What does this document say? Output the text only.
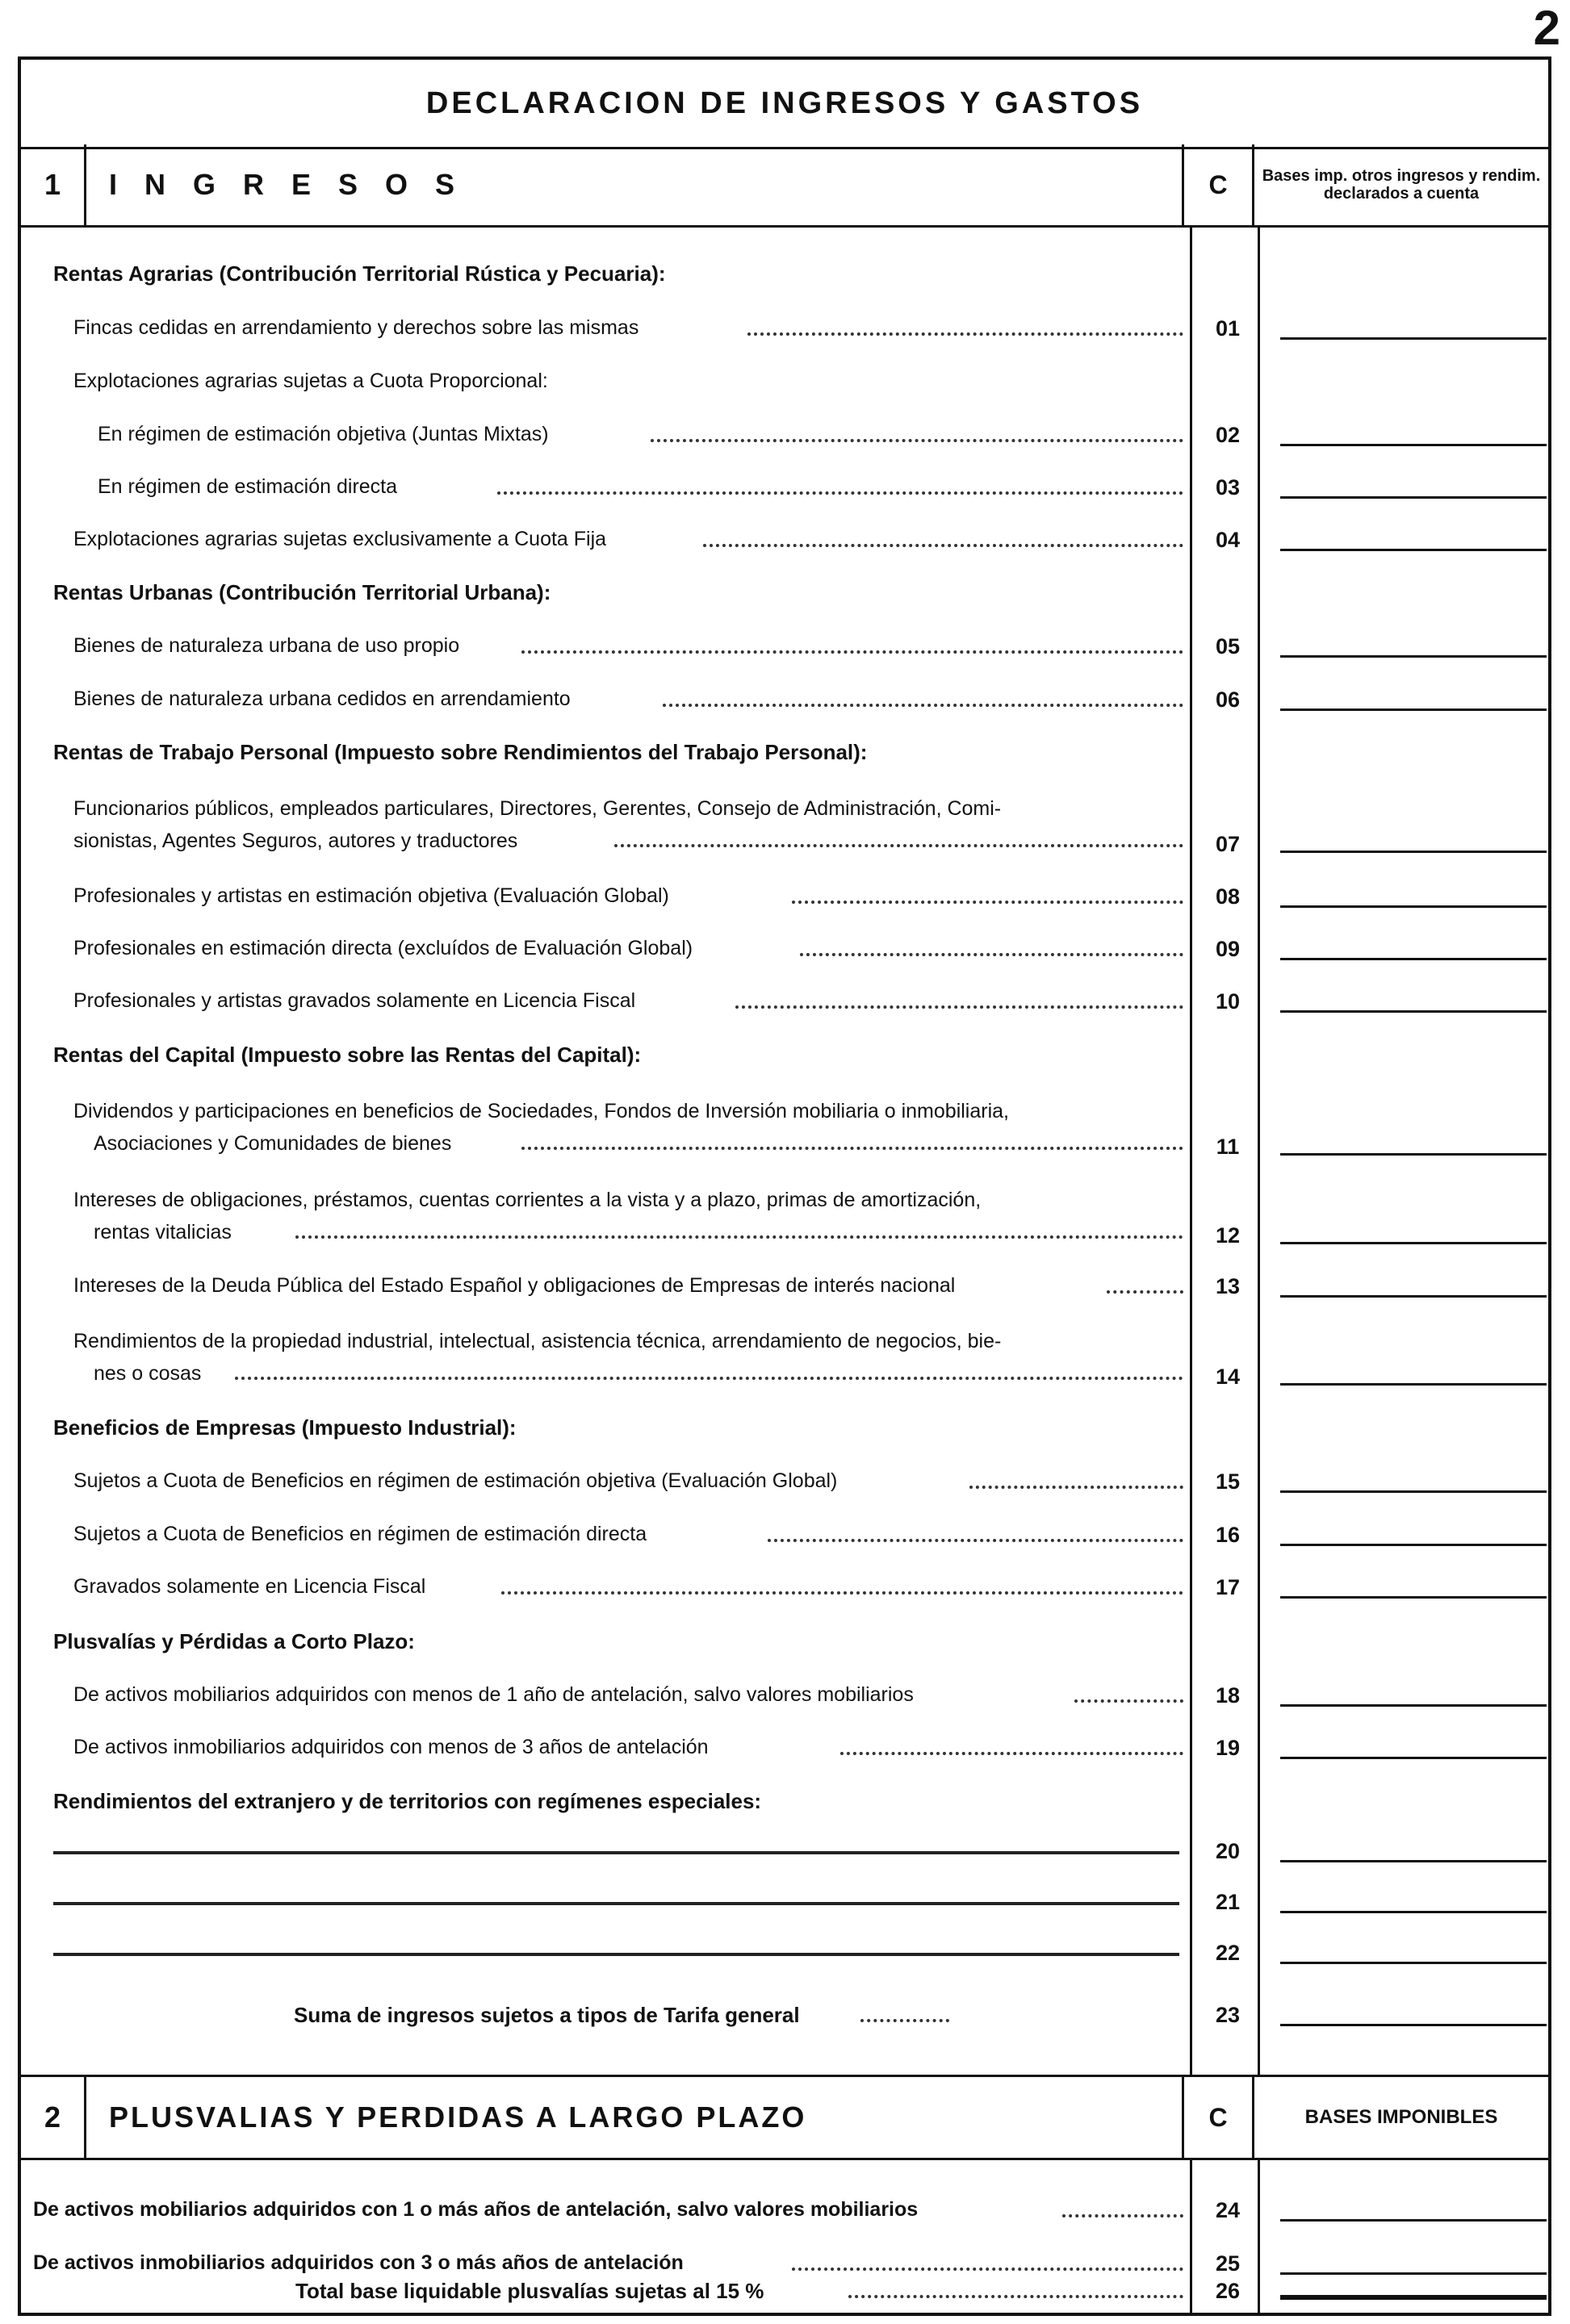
2
DECLARACION DE INGRESOS Y GASTOS
1	I N G R E S O S	C	Bases imp. otros ingresos y rendim. declarados a cuenta
Rentas Agrarias (Contribución Territorial Rústica y Pecuaria):
Fincas cedidas en arrendamiento y derechos sobre las mismas	01
Explotaciones agrarias sujetas a Cuota Proporcional:
En régimen de estimación objetiva (Juntas Mixtas)	02
En régimen de estimación directa	03
Explotaciones agrarias sujetas exclusivamente a Cuota Fija	04
Rentas Urbanas (Contribución Territorial Urbana):
Bienes de naturaleza urbana de uso propio	05
Bienes de naturaleza urbana cedidos en arrendamiento	06
Rentas de Trabajo Personal (Impuesto sobre Rendimientos del Trabajo Personal):
Funcionarios públicos, empleados particulares, Directores, Gerentes, Consejo de Administración, Comi-
sionistas, Agentes Seguros, autores y traductores	07
Profesionales y artistas en estimación objetiva (Evaluación Global)	08
Profesionales en estimación directa (excluídos de Evaluación Global)	09
Profesionales y artistas gravados solamente en Licencia Fiscal	10
Rentas del Capital (Impuesto sobre las Rentas del Capital):
Dividendos y participaciones en beneficios de Sociedades, Fondos de Inversión mobiliaria o inmobiliaria,
Asociaciones y Comunidades de bienes	11
Intereses de obligaciones, préstamos, cuentas corrientes a la vista y a plazo, primas de amortización,
rentas vitalicias	12
Intereses de la Deuda Pública del Estado Español y obligaciones de Empresas de interés nacional	13
Rendimientos de la propiedad industrial, intelectual, asistencia técnica, arrendamiento de negocios, bie-
nes o cosas	14
Beneficios de Empresas (Impuesto Industrial):
Sujetos a Cuota de Beneficios en régimen de estimación objetiva (Evaluación Global)	15
Sujetos a Cuota de Beneficios en régimen de estimación directa	16
Gravados solamente en Licencia Fiscal	17
Plusvalías y Pérdidas a Corto Plazo:
De activos mobiliarios adquiridos con menos de 1 año de antelación, salvo valores mobiliarios	18
De activos inmobiliarios adquiridos con menos de 3 años de antelación	19
Rendimientos del extranjero y de territorios con regímenes especiales:
20
21
22
Suma de ingresos sujetos a tipos de Tarifa general	23
2	PLUSVALIAS Y PERDIDAS A LARGO PLAZO	C	BASES IMPONIBLES
De activos mobiliarios adquiridos con 1 o más años de antelación, salvo valores mobiliarios	24
De activos inmobiliarios adquiridos con 3 o más años de antelación	25
Total base liquidable plusvalías sujetas al 15 %	26
